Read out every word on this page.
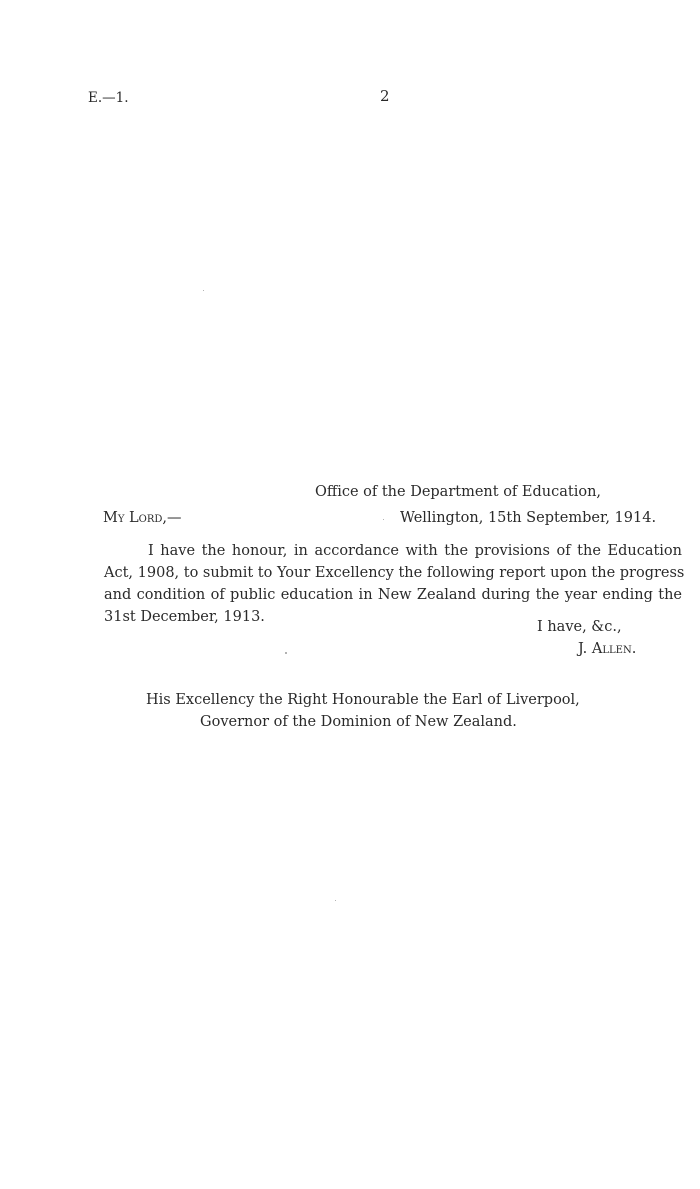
E.—1.	2
Office of the Department of Education,
My Lord,—	Wellington, 15th September, 1914.
I have the honour, in accordance with the provisions of the Education
Act, 1908, to submit to Your Excellency the following report upon the progress
and condition of public education in New Zealand during the year ending the
31st December, 1913.
I have, &c.,
J. Allen.
His Excellency the Right Honourable the Earl of Liverpool,
Governor of the Dominion of New Zealand.
